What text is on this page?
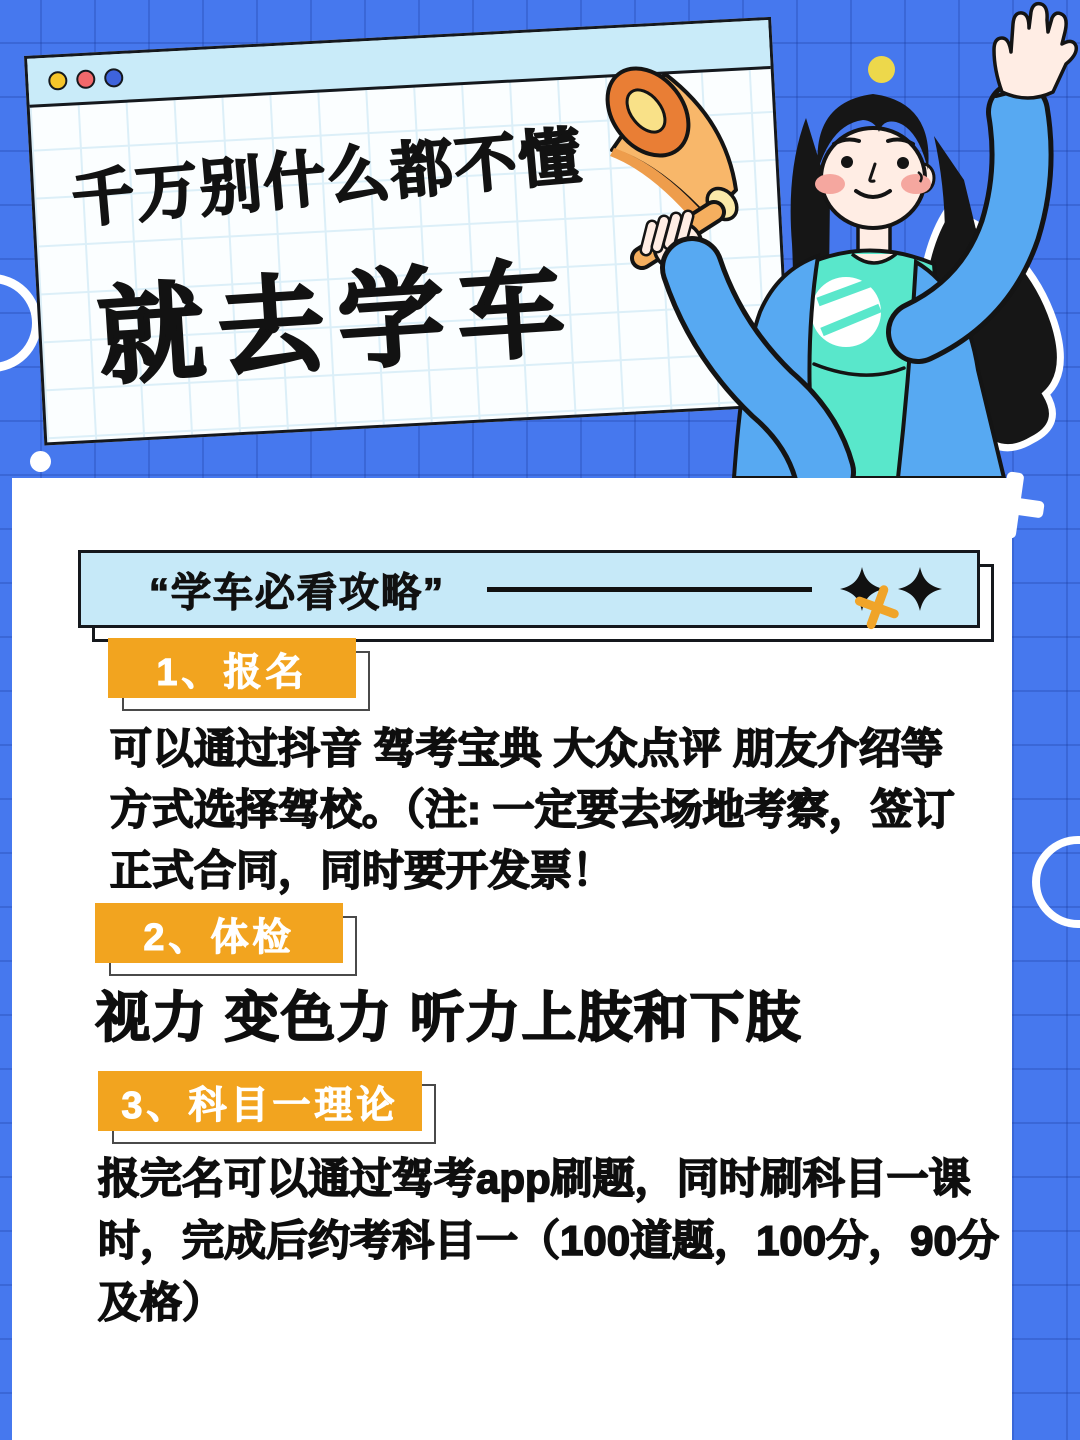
千万别什么都不懂
就去学车
“学车必看攻略”
1、报名
可以通过抖音 驾考宝典 大众点评 朋友介绍等
方式选择驾校。（注: 一定要去场地考察，签订
正式合同，同时要开发票！
2、体检
视力 变色力 听力上肢和下肢
3、科目一理论
报完名可以通过驾考app刷题，同时刷科目一课
时，完成后约考科目一（100道题，100分，90分
及格）
